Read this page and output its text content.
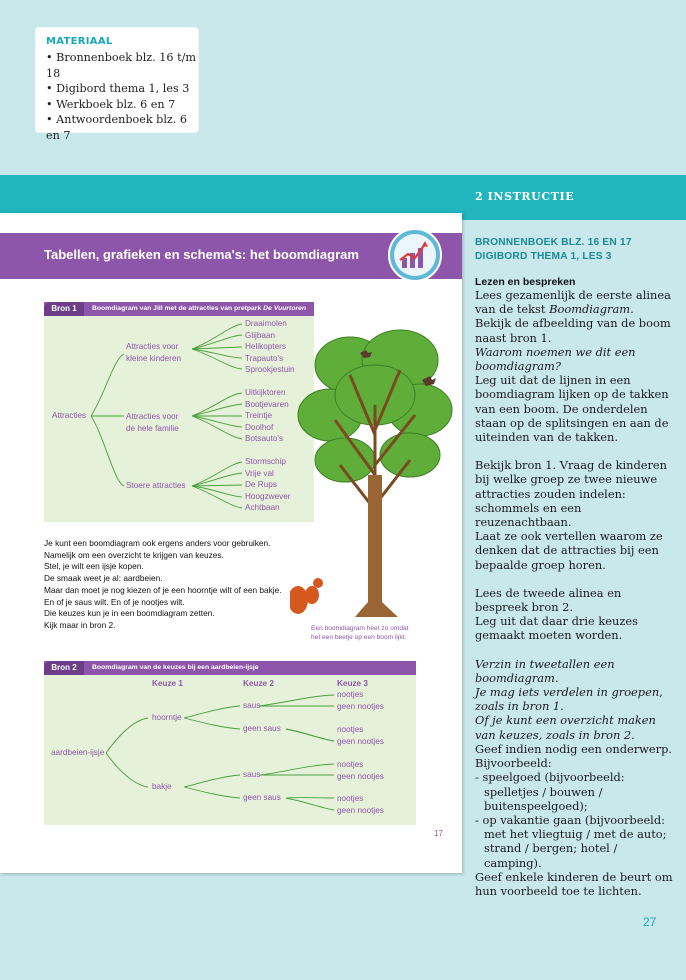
MATERIAAL
• Bronnenboek blz. 16 t/m 18
• Digibord thema 1, les 3
• Werkboek blz. 6 en 7
• Antwoordenboek blz. 6 en 7
2 INSTRUCTIE
Tabellen, grafieken en schema's: het boomdiagram
Bron 1	Boomdiagram van Jill met de attracties van pretpark De Vuurtoren
Attracties
Attracties voor
kleine kinderen
Attracties voor
de hele familie
Stoere attracties
Draaimolen
Glijbaan
Helikopters
Trapauto's
Sprookjestuin
Uitkijktoren
Bootjevaren
Treintje
Doolhof
Botsauto's
Stormschip
Vrije val
De Rups
Hoogzwever
Achtbaan

Je kunt een boomdiagram ook ergens anders voor gebruiken.

Namelijk om een overzicht te krijgen van keuzes.

Stel, je wilt een ijsje kopen.

De smaak weet je al: aardbeien.

Maar dan moet je nog kiezen of je een hoorntje wilt of een bakje.

En of je saus wilt. En of je nootjes wilt.

Die keuzes kun je in een boomdiagram zetten.

Kijk maar in bron 2.	Een boomdiagram heet zo omdat
het een beetje op een boom lijkt.
Bron 2	Boomdiagram van de keuzes bij een aardbeien-ijsje
Keuze 1	Keuze 2	Keuze 3
aardbeien-ijsje
hoorntje
bakje
saus
geen saus
saus
geen saus
nootjes
geen nootjes
nootjes
geen nootjes
nootjes
geen nootjes
nootjes
geen nootjes
17
BRONNENBOEK BLZ. 16 EN 17
DIGIBORD THEMA 1, LES 3
Lezen en bespreken

Lees gezamenlijk de eerste alinea van de tekst Boomdiagram.

Bekijk de afbeelding van de boom naast bron 1.

Waarom noemen we dit een boomdiagram?

Leg uit dat de lijnen in een boomdiagram lijken op de takken van een boom. De onderdelen staan op de splitsingen en aan de uiteinden van de takken.

Bekijk bron 1. Vraag de kinderen bij welke groep ze twee nieuwe attracties zouden indelen: schommels en een reuzenachtbaan.

Laat ze ook vertellen waarom ze denken dat de attracties bij een bepaalde groep horen.

Lees de tweede alinea en bespreek bron 2.

Leg uit dat daar drie keuzes gemaakt moeten worden.

Verzin in tweetallen een boomdiagram.

Je mag iets verdelen in groepen, zoals in bron 1.

Of je kunt een overzicht maken van keuzes, zoals in bron 2.

Geef indien nodig een onderwerp.

Bijvoorbeeld:

- speelgoed (bijvoorbeeld: spelletjes / bouwen / buitenspeelgoed);

- op vakantie gaan (bijvoorbeeld: met het vliegtuig / met de auto; strand / bergen; hotel / camping).

Geef enkele kinderen de beurt om hun voorbeeld toe te lichten.

27
